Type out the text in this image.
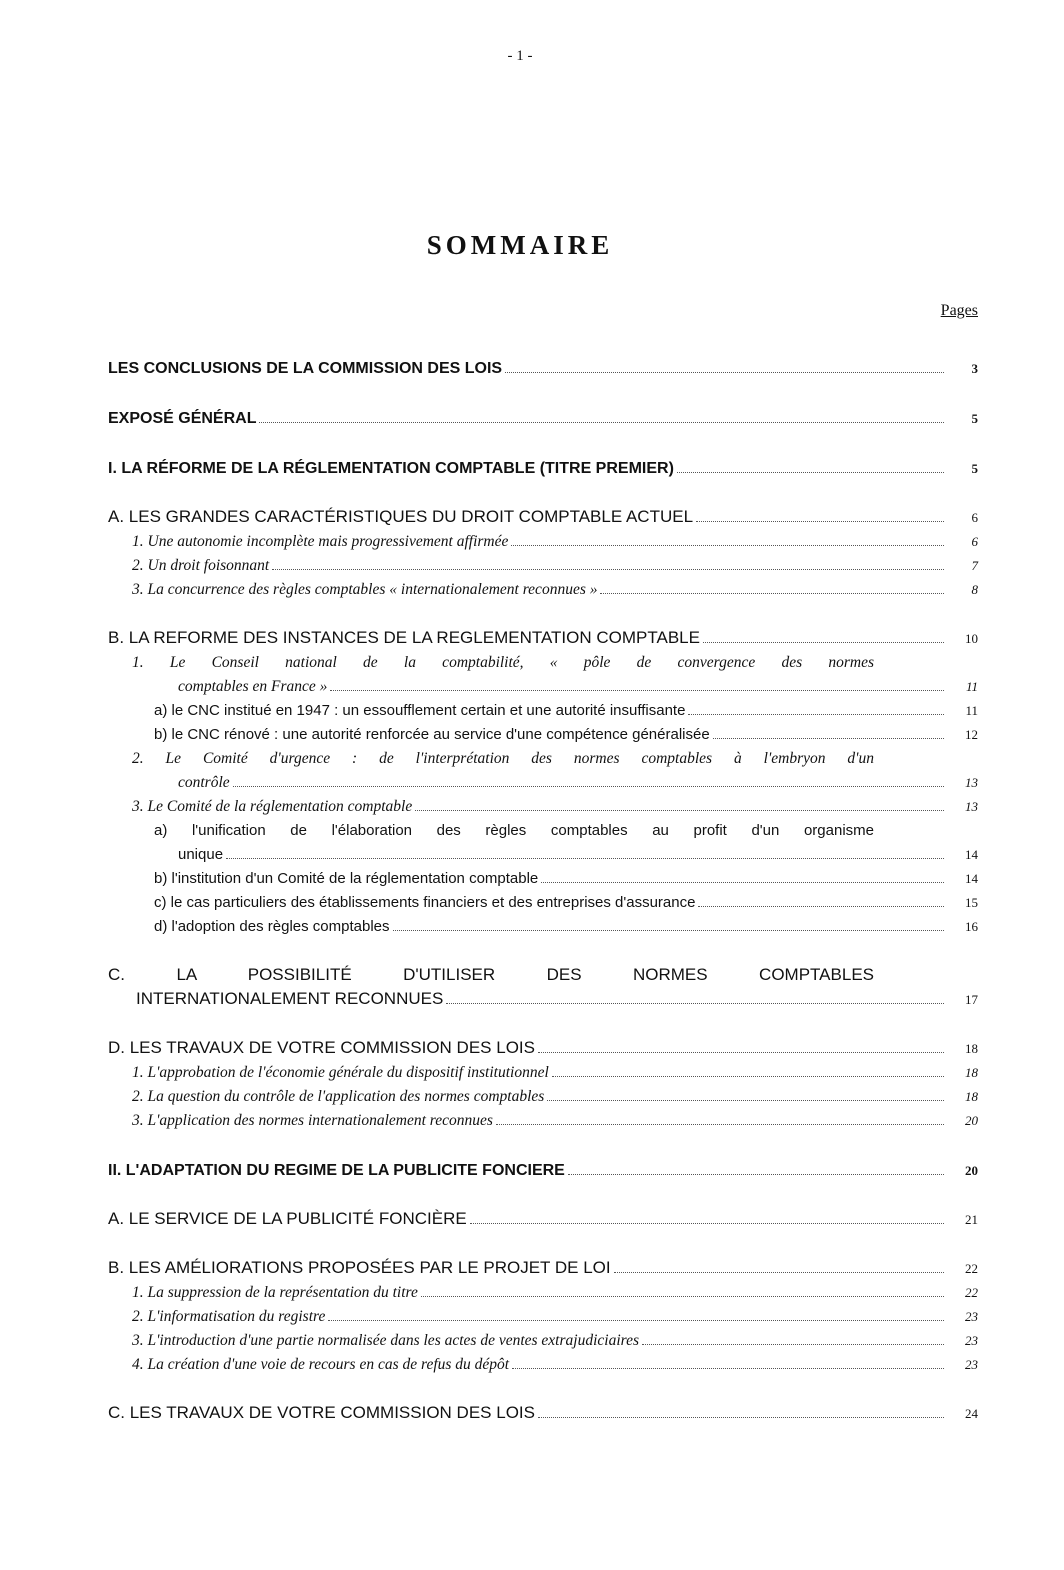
- 1 -
SOMMAIRE
Pages
LES CONCLUSIONS DE LA COMMISSION DES LOIS	3
EXPOSÉ GÉNÉRAL	5
I. LA RÉFORME DE LA RÉGLEMENTATION COMPTABLE (TITRE PREMIER)	5
A. LES GRANDES CARACTÉRISTIQUES DU DROIT COMPTABLE ACTUEL	6
1. Une autonomie incomplète mais progressivement affirmée	6
2. Un droit foisonnant	7
3. La concurrence des règles comptables « internationalement reconnues »	8
B. LA REFORME DES INSTANCES DE LA REGLEMENTATION COMPTABLE	10
1. Le Conseil national de la comptabilité, « pôle de convergence des normes
comptables en France »	11
a) le CNC institué en 1947 : un essoufflement certain et une autorité insuffisante	11
b) le CNC rénové : une autorité renforcée au service d'une compétence généralisée	12
2. Le Comité d'urgence : de l'interprétation des normes comptables à l'embryon d'un
contrôle	13
3. Le Comité de la réglementation comptable	13
a) l'unification de l'élaboration des règles comptables au profit d'un organisme
unique	14
b) l'institution d'un Comité de la réglementation comptable	14
c) le cas particuliers des établissements financiers et des entreprises d'assurance	15
d) l'adoption des règles comptables	16
C. LA POSSIBILITÉ D'UTILISER DES NORMES COMPTABLES
INTERNATIONALEMENT RECONNUES	17
D. LES TRAVAUX DE VOTRE COMMISSION DES LOIS	18
1. L'approbation de l'économie générale du dispositif institutionnel	18
2. La question du contrôle de l'application des normes comptables	18
3. L'application des normes internationalement reconnues	20
II. L'ADAPTATION DU REGIME DE LA PUBLICITE FONCIERE	20
A. LE SERVICE DE LA PUBLICITÉ FONCIÈRE	21
B. LES AMÉLIORATIONS PROPOSÉES PAR LE PROJET DE LOI	22
1. La suppression de la représentation du titre	22
2. L'informatisation du registre	23
3. L'introduction d'une partie normalisée dans les actes de ventes extrajudiciaires	23
4. La création d'une voie de recours en cas de refus du dépôt	23
C. LES TRAVAUX DE VOTRE COMMISSION DES LOIS	24
